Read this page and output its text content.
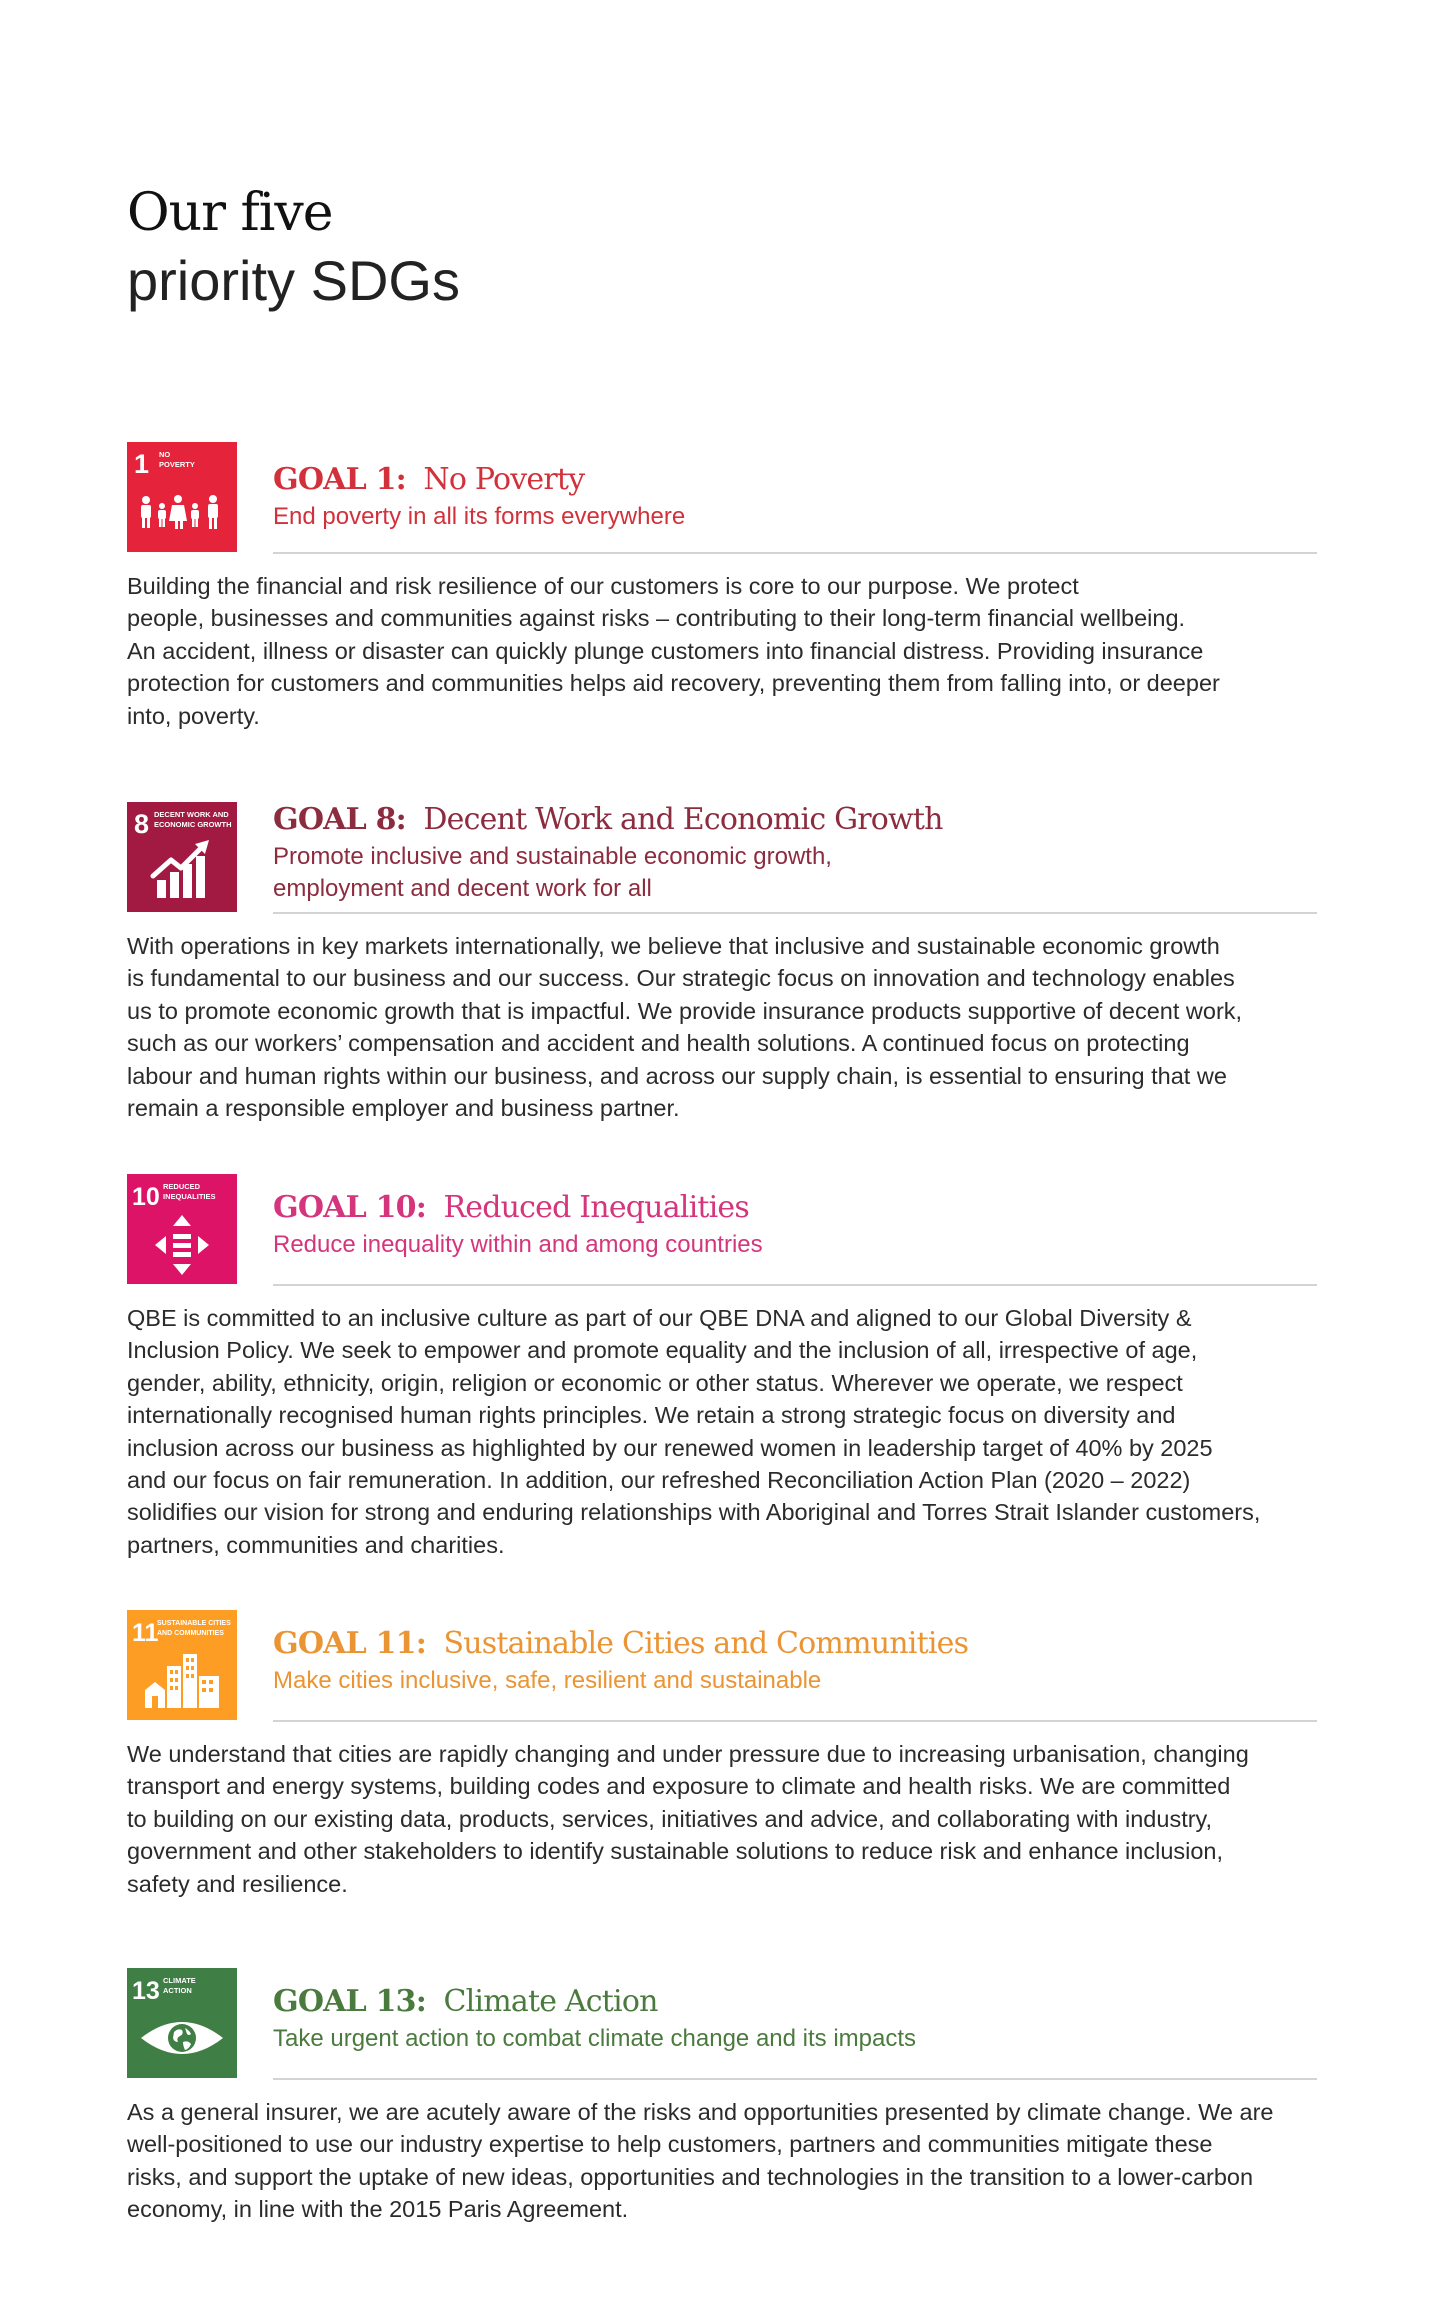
Our five
priority SDGs
1 NO
POVERTY	GOAL 1: No Poverty

End poverty in all its forms everywhere

Building the financial and risk resilience of our customers is core to our purpose. We protect
people, businesses and communities against risks – contributing to their long-term financial wellbeing.
An accident, illness or disaster can quickly plunge customers into financial distress. Providing insurance
protection for customers and communities helps aid recovery, preventing them from falling into, or deeper
into, poverty.

8 DECENT WORK AND
ECONOMIC GROWTH GOAL 8: Decent Work and Economic Growth

Promote inclusive and sustainable economic growth,
employment and decent work for all

With operations in key markets internationally, we believe that inclusive and sustainable economic growth
is fundamental to our business and our success. Our strategic focus on innovation and technology enables
us to promote economic growth that is impactful. We provide insurance products supportive of decent work,
such as our workers’ compensation and accident and health solutions. A continued focus on protecting
labour and human rights within our business, and across our supply chain, is essential to ensuring that we
remain a responsible employer and business partner.

10 REDUCED
INEQUALITIES GOAL 10: Reduced Inequalities

Reduce inequality within and among countries

QBE is committed to an inclusive culture as part of our QBE DNA and aligned to our Global Diversity &
Inclusion Policy. We seek to empower and promote equality and the inclusion of all, irrespective of age,
gender, ability, ethnicity, origin, religion or economic or other status. Wherever we operate, we respect
internationally recognised human rights principles. We retain a strong strategic focus on diversity and
inclusion across our business as highlighted by our renewed women in leadership target of 40% by 2025
and our focus on fair remuneration. In addition, our refreshed Reconciliation Action Plan (2020 – 2022)
solidifies our vision for strong and enduring relationships with Aboriginal and Torres Strait Islander customers,
partners, communities and charities.

11
SUSTAINABLE CITIES
AND COMMUNITIES GOAL 11: Sustainable Cities and Communities

Make cities inclusive, safe, resilient and sustainable

We understand that cities are rapidly changing and under pressure due to increasing urbanisation, changing
transport and energy systems, building codes and exposure to climate and health risks. We are committed
to building on our existing data, products, services, initiatives and advice, and collaborating with industry,
government and other stakeholders to identify sustainable solutions to reduce risk and enhance inclusion,
safety and resilience.

13 CLIMATE
ACTION	GOAL 13: Climate Action

Take urgent action to combat climate change and its impacts

As a general insurer, we are acutely aware of the risks and opportunities presented by climate change. We are
well-positioned to use our industry expertise to help customers, partners and communities mitigate these
risks, and support the uptake of new ideas, opportunities and technologies in the transition to a lower-carbon
economy, in line with the 2015 Paris Agreement.
